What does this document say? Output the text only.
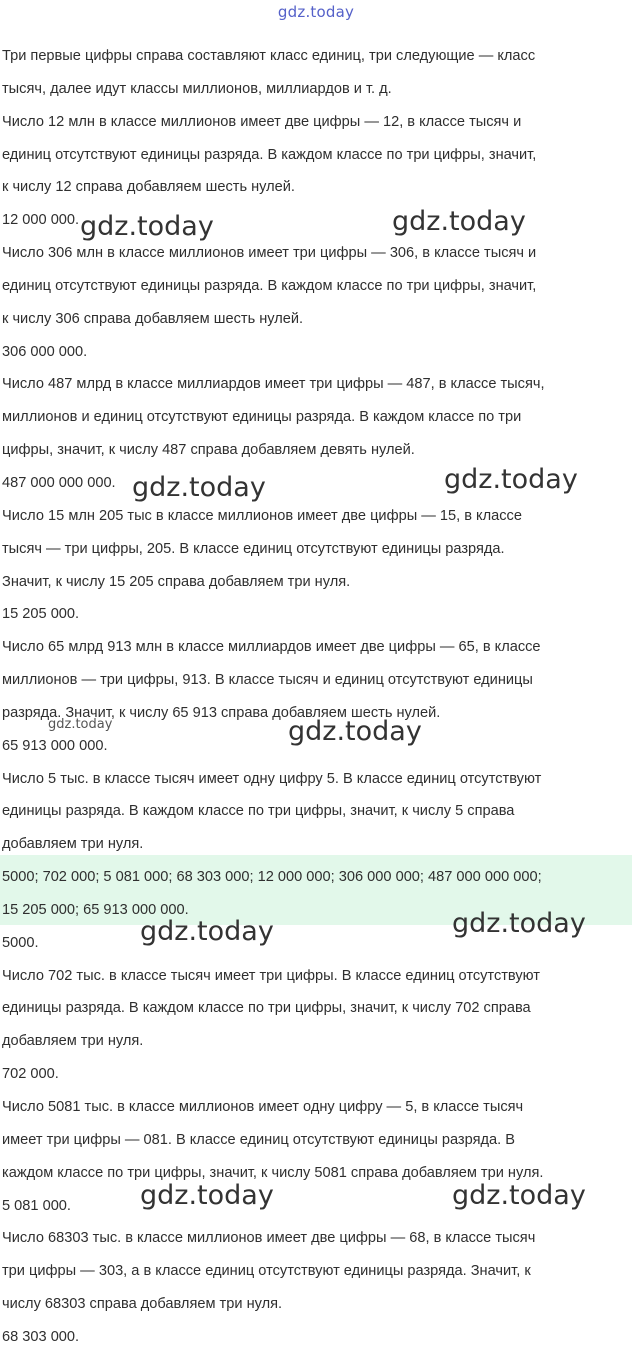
gdz.today
Три первые цифры справа составляют класс единиц, три следующие — класс
тысяч, далее идут классы миллионов, миллиардов и т. д.
Число 12 млн в классе миллионов имеет две цифры — 12, в классе тысяч и
единиц отсутствуют единицы разряда. В каждом классе по три цифры, значит,
к числу 12 справа добавляем шесть нулей.
12 000 000.
Число 306 млн в классе миллионов имеет три цифры — 306, в классе тысяч и
единиц отсутствуют единицы разряда. В каждом классе по три цифры, значит,
к числу 306 справа добавляем шесть нулей.
306 000 000.
Число 487 млрд в классе миллиардов имеет три цифры — 487, в классе тысяч,
миллионов и единиц отсутствуют единицы разряда. В каждом классе по три
цифры, значит, к числу 487 справа добавляем девять нулей.
487 000 000 000.
Число 15 млн 205 тыс в классе миллионов имеет две цифры — 15, в классе
тысяч — три цифры, 205. В классе единиц отсутствуют единицы разряда.
Значит, к числу 15 205 справа добавляем три нуля.
15 205 000.
Число 65 млрд 913 млн в классе миллиардов имеет две цифры — 65, в классе
миллионов — три цифры, 913. В классе тысяч и единиц отсутствуют единицы
разряда. Значит, к числу 65 913 справа добавляем шесть нулей.
65 913 000 000.
Число 5 тыс. в классе тысяч имеет одну цифру 5. В классе единиц отсутствуют
единицы разряда. В каждом классе по три цифры, значит, к числу 5 справа
добавляем три нуля.
5000; 702 000; 5 081 000; 68 303 000; 12 000 000; 306 000 000; 487 000 000 000;
15 205 000; 65 913 000 000.
5000.
Число 702 тыс. в классе тысяч имеет три цифры. В классе единиц отсутствуют
единицы разряда. В каждом классе по три цифры, значит, к числу 702 справа
добавляем три нуля.
702 000.
Число 5081 тыс. в классе миллионов имеет одну цифру — 5, в классе тысяч
имеет три цифры — 081. В классе единиц отсутствуют единицы разряда. В
каждом классе по три цифры, значит, к числу 5081 справа добавляем три нуля.
5 081 000.
Число 68303 тыс. в классе миллионов имеет две цифры — 68, в классе тысяч
три цифры — 303, а в классе единиц отсутствуют единицы разряда. Значит, к
числу 68303 справа добавляем три нуля.
68 303 000.
gdz.today	gdz.today
gdz.today	gdz.today
gdz.today	gdz.today
gdz.today	gdz.today
gdz.today	gdz.today
